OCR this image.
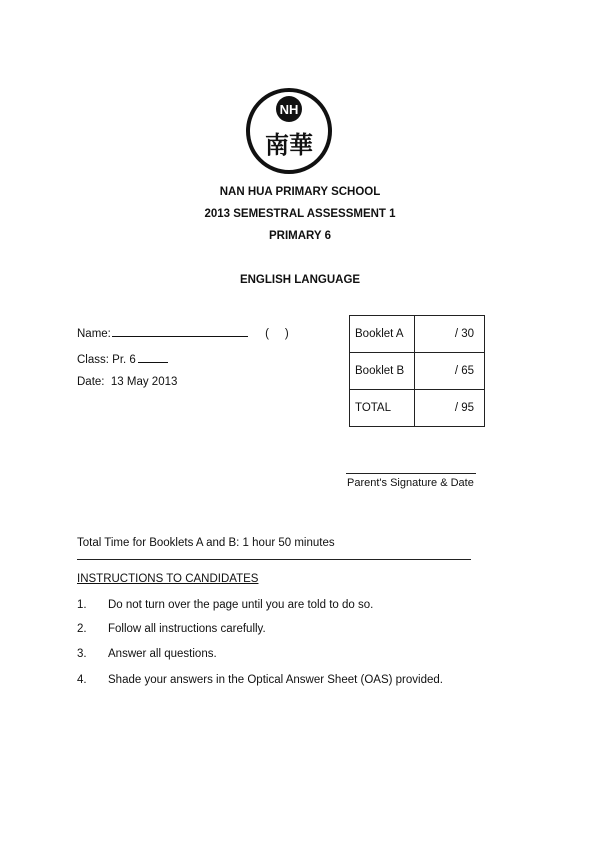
NH
南華
NAN HUA PRIMARY SCHOOL
2013 SEMESTRAL ASSESSMENT 1
PRIMARY 6
ENGLISH LANGUAGE
Name:	( )
Class: Pr. 6
Date: 13 May 2013
Booklet A	/ 30
Booklet B	/ 65
TOTAL	/ 95
Parent's Signature & Date
Total Time for Booklets A and B: 1 hour 50 minutes
INSTRUCTIONS TO CANDIDATES
1.	Do not turn over the page until you are told to do so.
2.	Follow all instructions carefully.
3.	Answer all questions.
4.	Shade your answers in the Optical Answer Sheet (OAS) provided.
